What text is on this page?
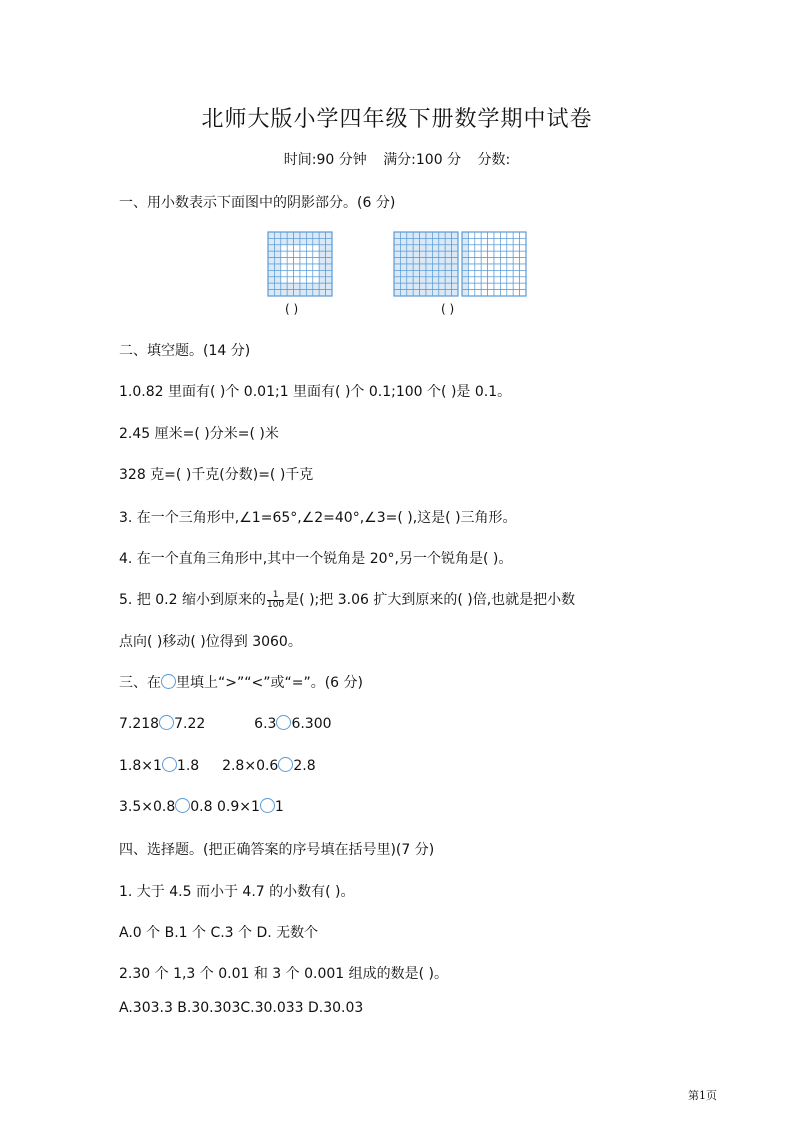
北师大版小学四年级下册数学期中试卷
时间:90 分钟 满分:100 分 分数:
一、用小数表示下面图中的阴影部分。(6 分)
( )	( )
二、填空题。(14 分)
1.0.82 里面有( )个 0.01;1 里面有( )个 0.1;100 个( )是 0.1。
2.45 厘米=( )分米=( )米
328 克=( )千克(分数)=( )千克
3. 在一个三角形中,∠1=65°,∠2=40°,∠3=( ),这是( )三角形。
4. 在一个直角三角形中,其中一个锐角是 20°,另一个锐角是( )。
5. 把 0.2 缩小到原来的 $\frac{1}{100}$ 是( );把 3.06 扩大到原来的( )倍,也就是把小数
点向( )移动( )位得到 3060。
三、在 里填上“>”“<”或“=”。(6 分)
7.218 7.22	6.3 6.300
1.8×1 1.8 2.8×0.6 2.8
3.5×0.8 0.8 0.9×1 1
四、选择题。(把正确答案的序号填在括号里)(7 分)
1. 大于 4.5 而小于 4.7 的小数有( )。
A.0 个 B.1 个 C.3 个 D. 无数个
2.30 个 1,3 个 0.01 和 3 个 0.001 组成的数是( )。
A.303.3 B.30.303C.30.033 D.30.03
第1页
